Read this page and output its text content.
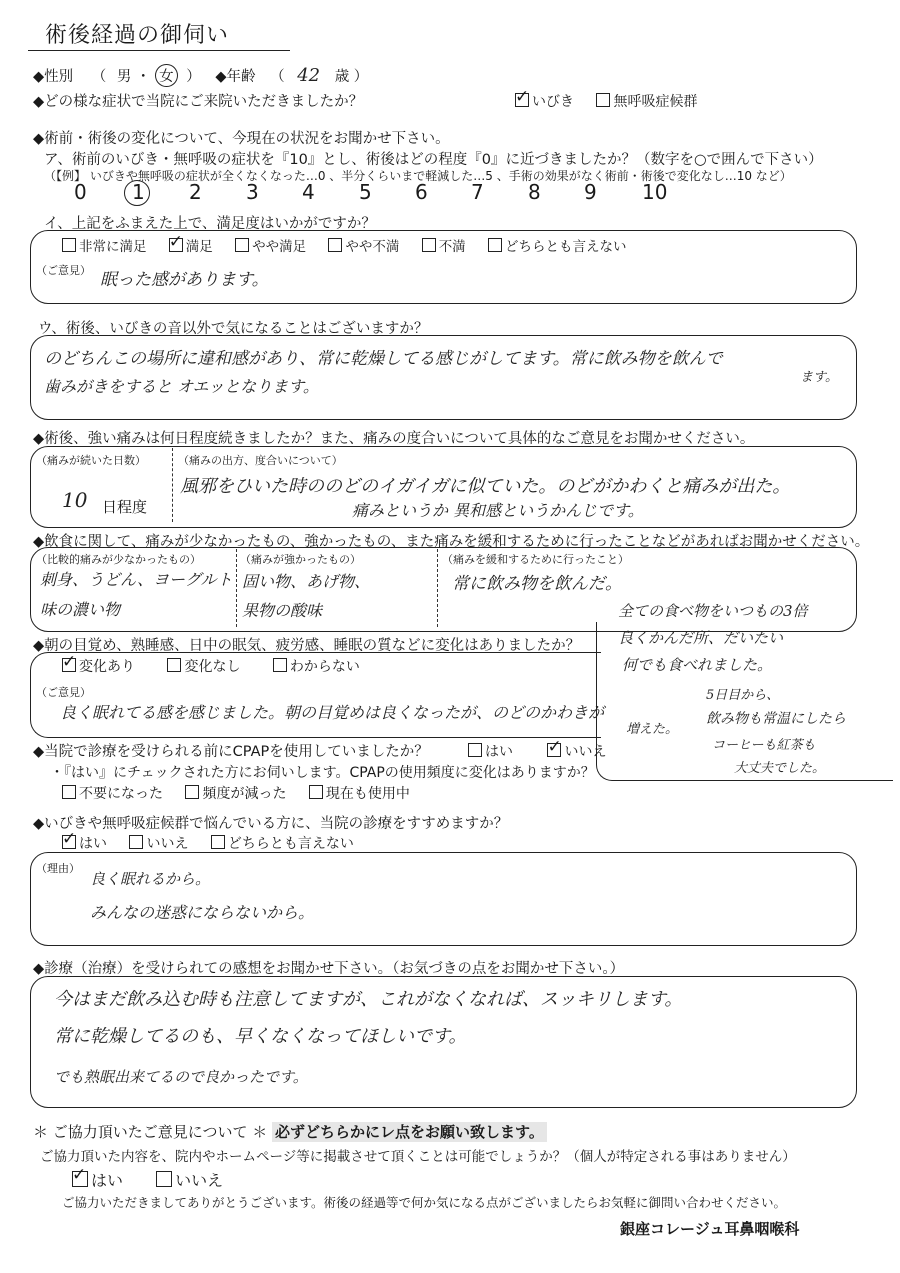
術後経過の御伺い
◆性別 （ 男 ・ 女 ） ◆年齢 （ 42 歳 ）
◆どの様な症状で当院にご来院いただきましたか？ ✓	いびき	無呼吸症候群
◆術前・術後の変化について、今現在の状況をお聞かせ下さい。
ア、術前のいびき・無呼吸の症状を『10』とし、術後はどの程度『0』に近づきましたか？（数字を○で囲んで下さい）
（【例】 いびきや無呼吸の症状が全くなくなった…0 、半分くらいまで軽減した…5 、手術の効果がなく術前・術後で変化なし…10 など）
0 1 2 3 4 5 6 7 8 9 10
イ、上記をふまえた上で、満足度はいかがですか？
非常に満足 ✓	満足	やや満足	やや不満	不満	どちらとも言えない
（ご意見） 眠った感があります。
ウ、術後、いびきの音以外で気になることはございますか？
のどちんこの場所に違和感があり、常に乾燥してる感じがしてます。常に飲み物を飲んで
ます。
歯みがきをすると オエッとなります。
◆術後、強い痛みは何日程度続きましたか？また、痛みの度合いについて具体的なご意見をお聞かせください。
（痛みが続いた日数）
10 日程度
（痛みの出方、度合いについて）
風邪をひいた時ののどのイガイガに似ていた。のどがかわくと痛みが出た。
痛みというか 異和感というかんじです。
◆飲食に関して、痛みが少なかったもの、強かったもの、また痛みを緩和するために行ったことなどがあればお聞かせください。
（比較的痛みが少なかったもの）
刺身、うどん、ヨーグルト
味の濃い物
（痛みが強かったもの）
固い物、あげ物、
果物の酸味
（痛みを緩和するために行ったこと）
常に飲み物を飲んだ。
全ての食べ物をいつもの3倍
良くかんだ所、だいたい
何でも食べれました。
5日目から、
飲み物も常温にしたら
コーヒーも紅茶も
大丈夫でした。
◆朝の目覚め、熟睡感、日中の眠気、疲労感、睡眠の質などに変化はありましたか？
✓変化あり	変化なし	わからない
（ご意見）
良く眠れてる感を感じました。朝の目覚めは良くなったが、のどのかわきが
増えた。
◆当院で診療を受けられる前にCPAPを使用していましたか？	はい ✓	いいえ
・『はい』にチェックされた方にお伺いします。CPAPの使用頻度に変化はありますか？
不要になった	頻度が減った	現在も使用中
◆いびきや無呼吸症候群で悩んでいる方に、当院の診療をすすめますか？
✓はい	いいえ	どちらとも言えない
（理由）
良く眠れるから。
みんなの迷惑にならないから。
◆診療（治療）を受けられての感想をお聞かせ下さい。（お気づきの点をお聞かせ下さい。）
今はまだ飲み込む時も注意してますが、これがなくなれば、スッキリします。
常に乾燥してるのも、早くなくなってほしいです。
でも熟眠出来てるので良かったです。
＊ ご協力頂いたご意見について ＊ 必ずどちらかにレ点をお願い致します。
ご協力頂いた内容を、院内やホームページ等に掲載させて頂くことは可能でしょうか？（個人が特定される事はありません）
✓はい	いいえ
ご協力いただきましてありがとうございます。術後の経過等で何か気になる点がございましたらお気軽に御問い合わせください。
銀座コレージュ耳鼻咽喉科
